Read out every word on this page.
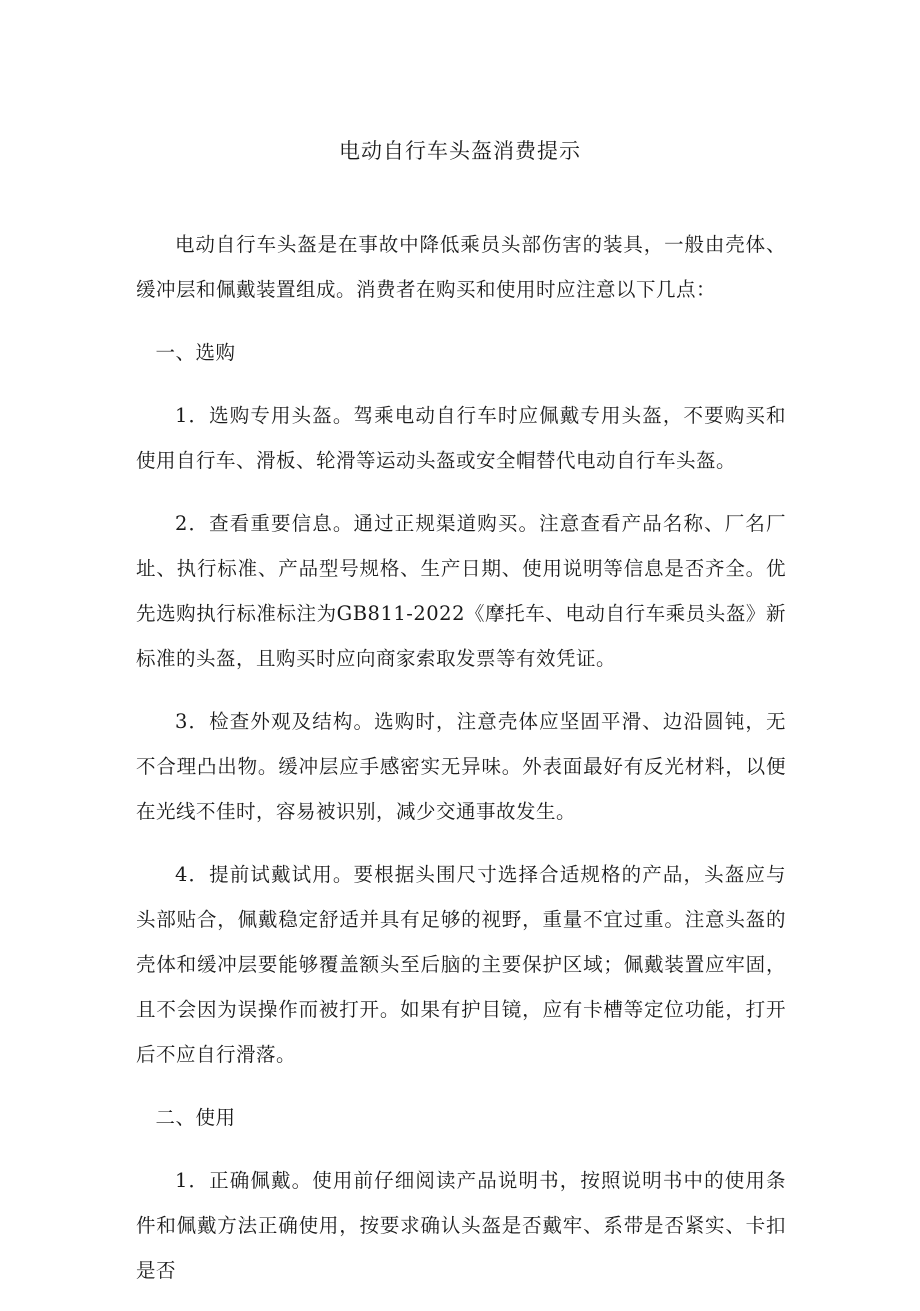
电动自行车头盔消费提示

电动自行车头盔是在事故中降低乘员头部伤害的装具，一般由壳体、缓冲层和佩戴装置组成。消费者在购买和使用时应注意以下几点：

一、选购

1．选购专用头盔。驾乘电动自行车时应佩戴专用头盔，不要购买和使用自行车、滑板、轮滑等运动头盔或安全帽替代电动自行车头盔。

2．查看重要信息。通过正规渠道购买。注意查看产品名称、厂名厂址、执行标准、产品型号规格、生产日期、使用说明等信息是否齐全。优先选购执行标准标注为GB811-2022《摩托车、电动自行车乘员头盔》新标准的头盔，且购买时应向商家索取发票等有效凭证。

3．检查外观及结构。选购时，注意壳体应坚固平滑、边沿圆钝，无不合理凸出物。缓冲层应手感密实无异味。外表面最好有反光材料，以便在光线不佳时，容易被识别，减少交通事故发生。

4．提前试戴试用。要根据头围尺寸选择合适规格的产品，头盔应与头部贴合，佩戴稳定舒适并具有足够的视野，重量不宜过重。注意头盔的壳体和缓冲层要能够覆盖额头至后脑的主要保护区域；佩戴装置应牢固，且不会因为误操作而被打开。如果有护目镜，应有卡槽等定位功能，打开后不应自行滑落。

二、使用

1．正确佩戴。使用前仔细阅读产品说明书，按照说明书中的使用条件和佩戴方法正确使用，按要求确认头盔是否戴牢、系带是否紧实、卡扣是否
